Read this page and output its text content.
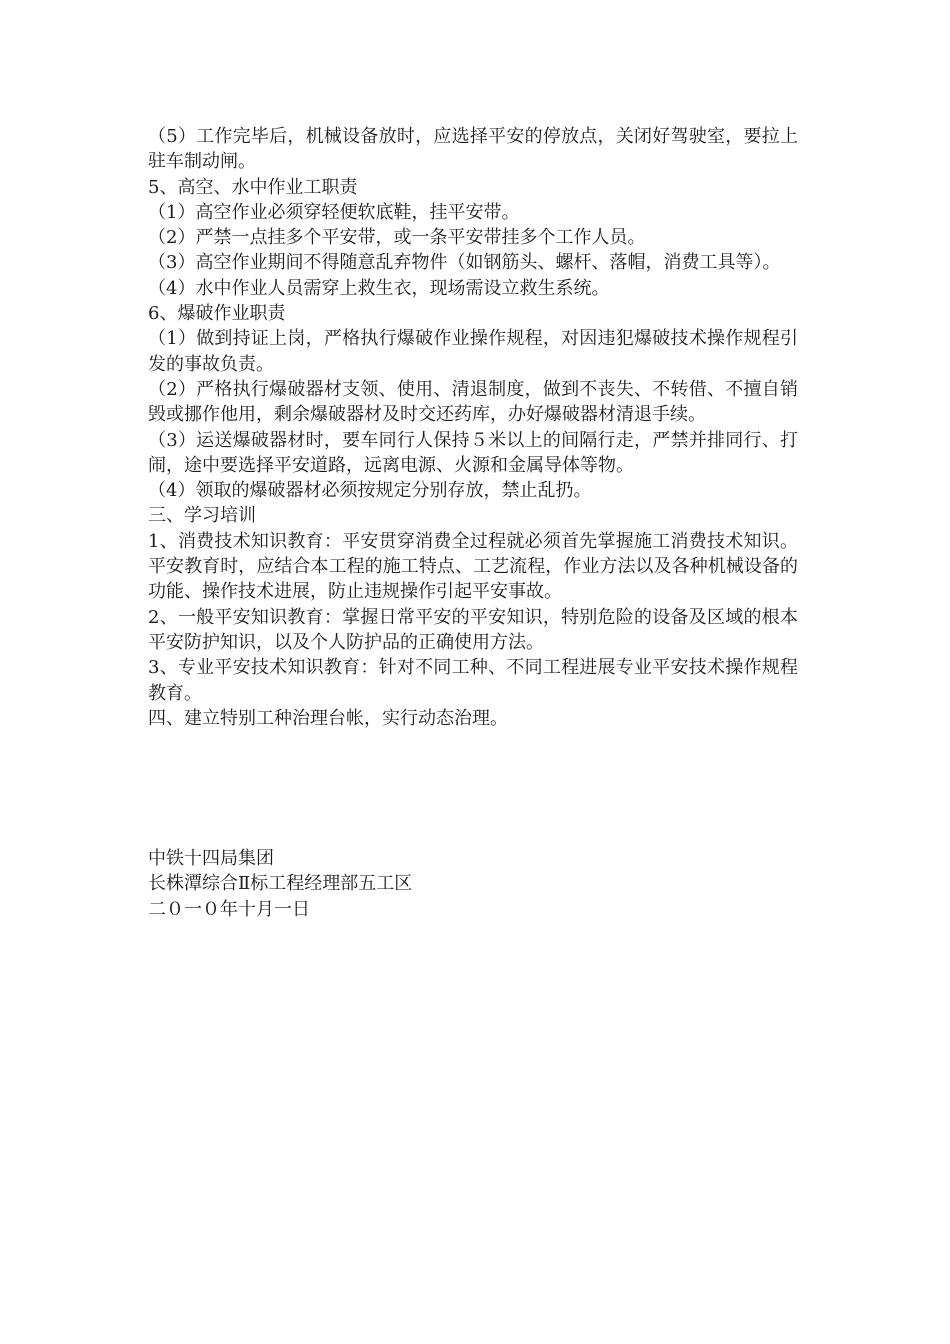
（5）工作完毕后，机械设备放时，应选择平安的停放点，关闭好驾驶室，要拉上驻车制动闸。

5、高空、水中作业工职责

（1）高空作业必须穿轻便软底鞋，挂平安带。

（2）严禁一点挂多个平安带，或一条平安带挂多个工作人员。

（3）高空作业期间不得随意乱弃物件（如钢筋头、螺杆、落帽，消费工具等）。

（4）水中作业人员需穿上救生衣，现场需设立救生系统。

6、爆破作业职责

（1）做到持证上岗，严格执行爆破作业操作规程，对因违犯爆破技术操作规程引发的事故负责。

（2）严格执行爆破器材支领、使用、清退制度，做到不丧失、不转借、不擅自销毁或挪作他用，剩余爆破器材及时交还药库，办好爆破器材清退手续。

（3）运送爆破器材时，要车同行人保持５米以上的间隔行走，严禁并排同行、打闹，途中要选择平安道路，远离电源、火源和金属导体等物。

（4）领取的爆破器材必须按规定分别存放，禁止乱扔。

三、学习培训

1、消费技术知识教育：平安贯穿消费全过程就必须首先掌握施工消费技术知识。平安教育时，应结合本工程的施工特点、工艺流程，作业方法以及各种机械设备的功能、操作技术进展，防止违规操作引起平安事故。

2、一般平安知识教育：掌握日常平安的平安知识，特别危险的设备及区域的根本平安防护知识，以及个人防护品的正确使用方法。

3、专业平安技术知识教育：针对不同工种、不同工程进展专业平安技术操作规程教育。

四、建立特别工种治理台帐，实行动态治理。

中铁十四局集团

长株潭综合Ⅱ标工程经理部五工区

二０一０年十月一日
